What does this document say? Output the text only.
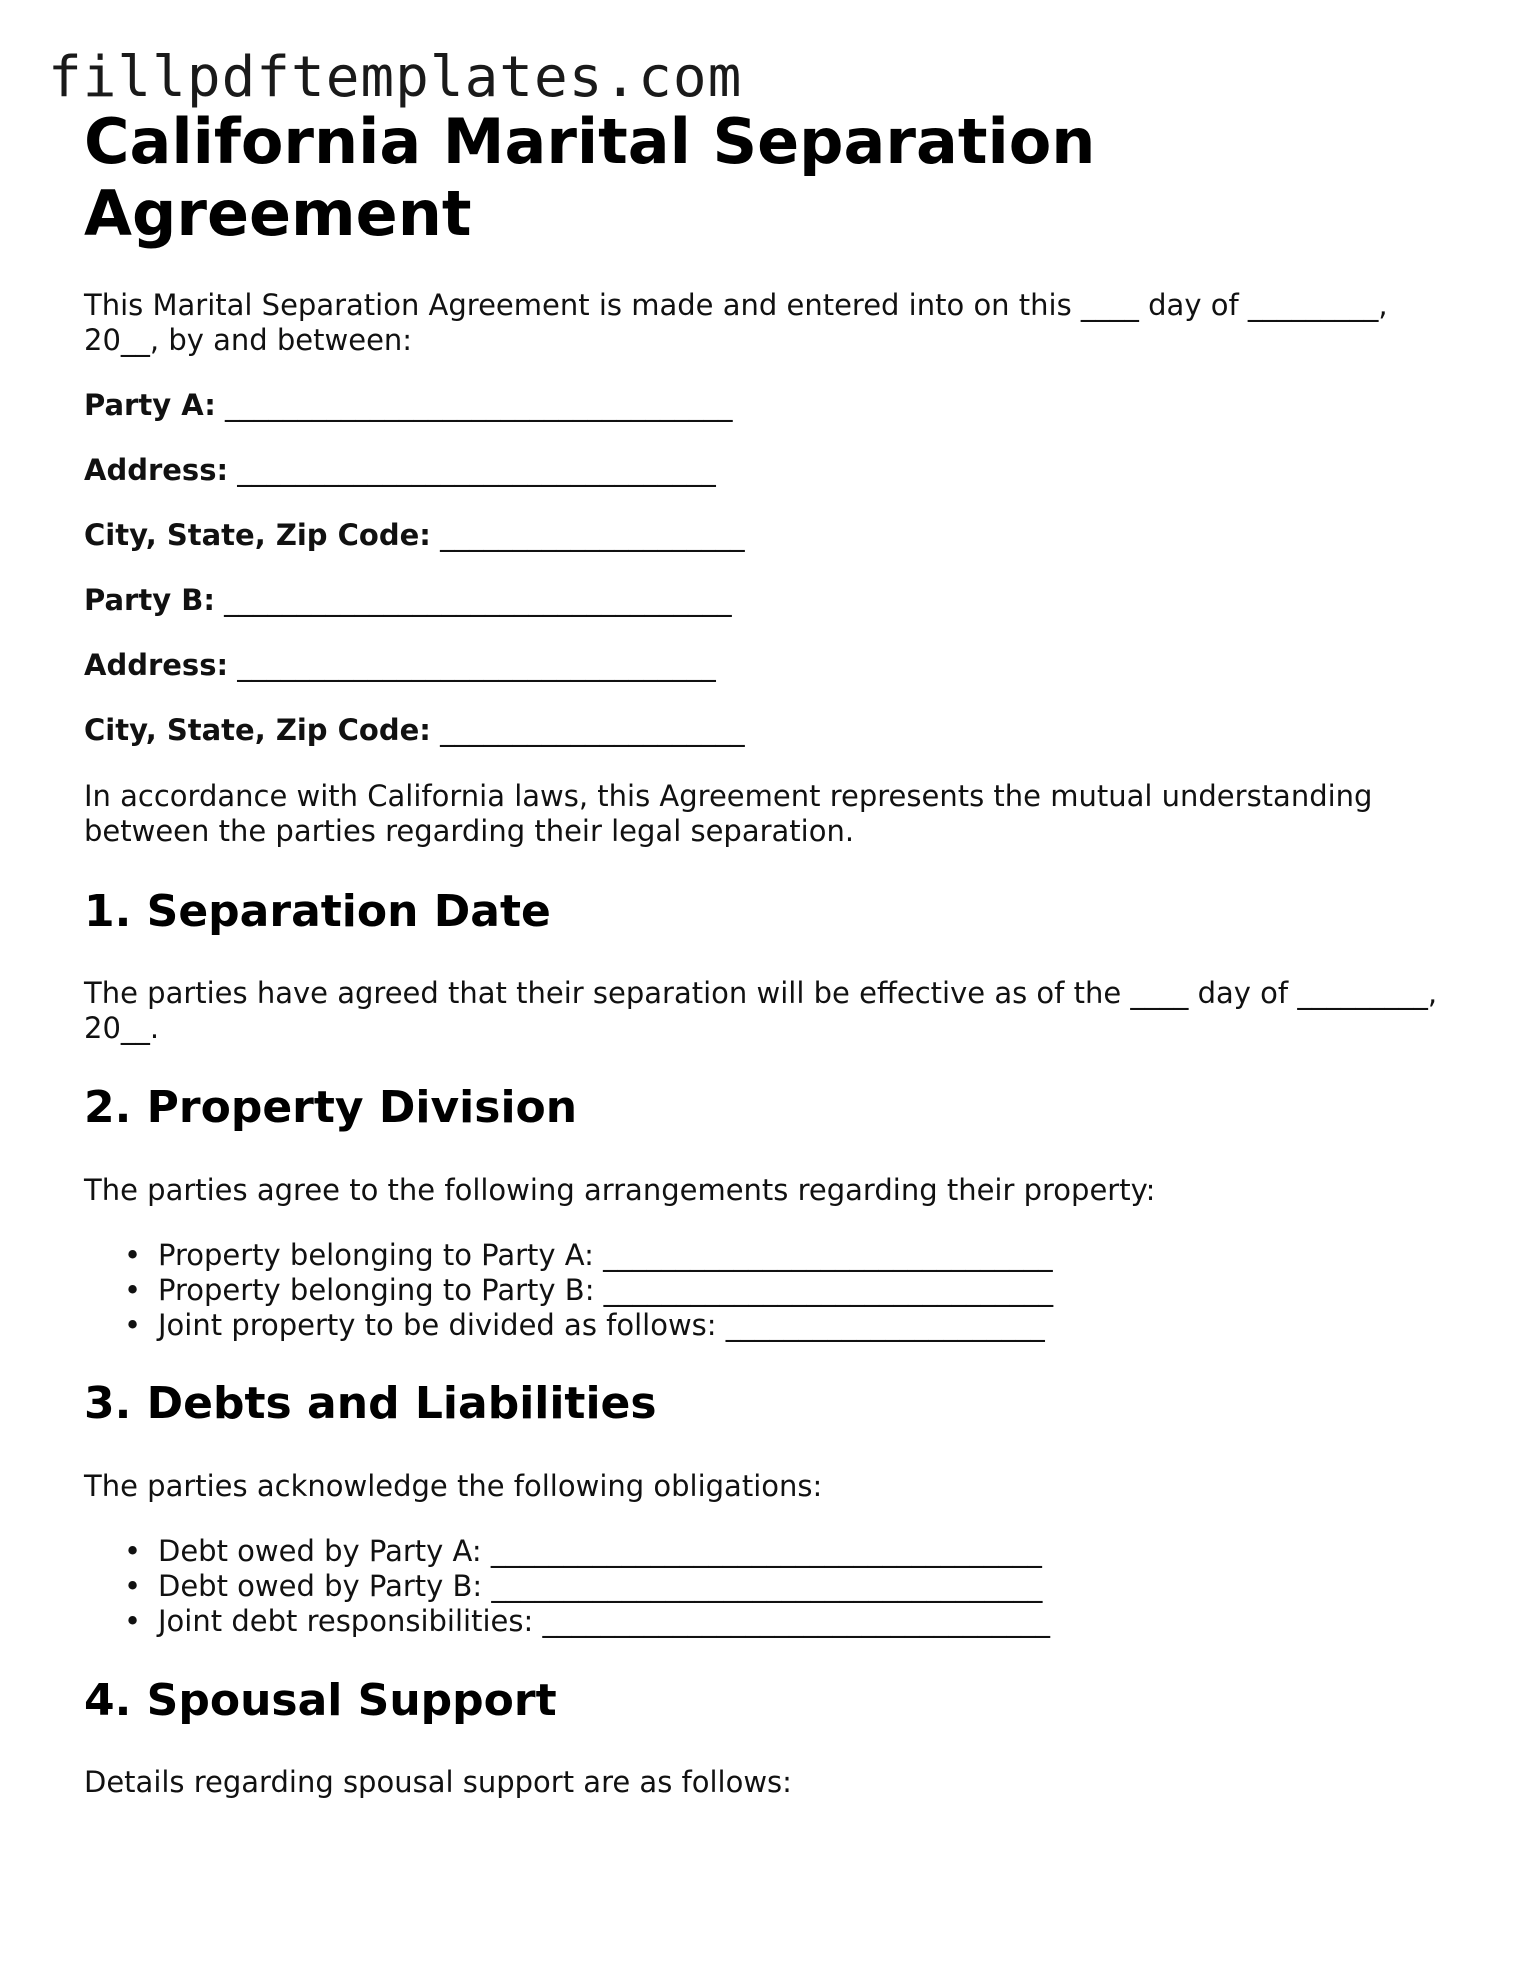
fillpdftemplates.com
California Marital Separation Agreement

This Marital Separation Agreement is made and entered into on this ____ day of _________, 20__, by and between:

Party A: ___________________________________

Address: _________________________________

City, State, Zip Code: _____________________

Party B: ___________________________________

Address: _________________________________

City, State, Zip Code: _____________________

In accordance with California laws, this Agreement represents the mutual understanding between the parties regarding their legal separation.

1. Separation Date

The parties have agreed that their separation will be effective as of the ____ day of _________, 20__.

2. Property Division

The parties agree to the following arrangements regarding their property:

• Property belonging to Party A: _______________________________
• Property belonging to Party B: _______________________________
• Joint property to be divided as follows: ______________________
3. Debts and Liabilities

The parties acknowledge the following obligations:

• Debt owed by Party A: ______________________________________
• Debt owed by Party B: ______________________________________
• Joint debt responsibilities: ___________________________________
4. Spousal Support

Details regarding spousal support are as follows:
